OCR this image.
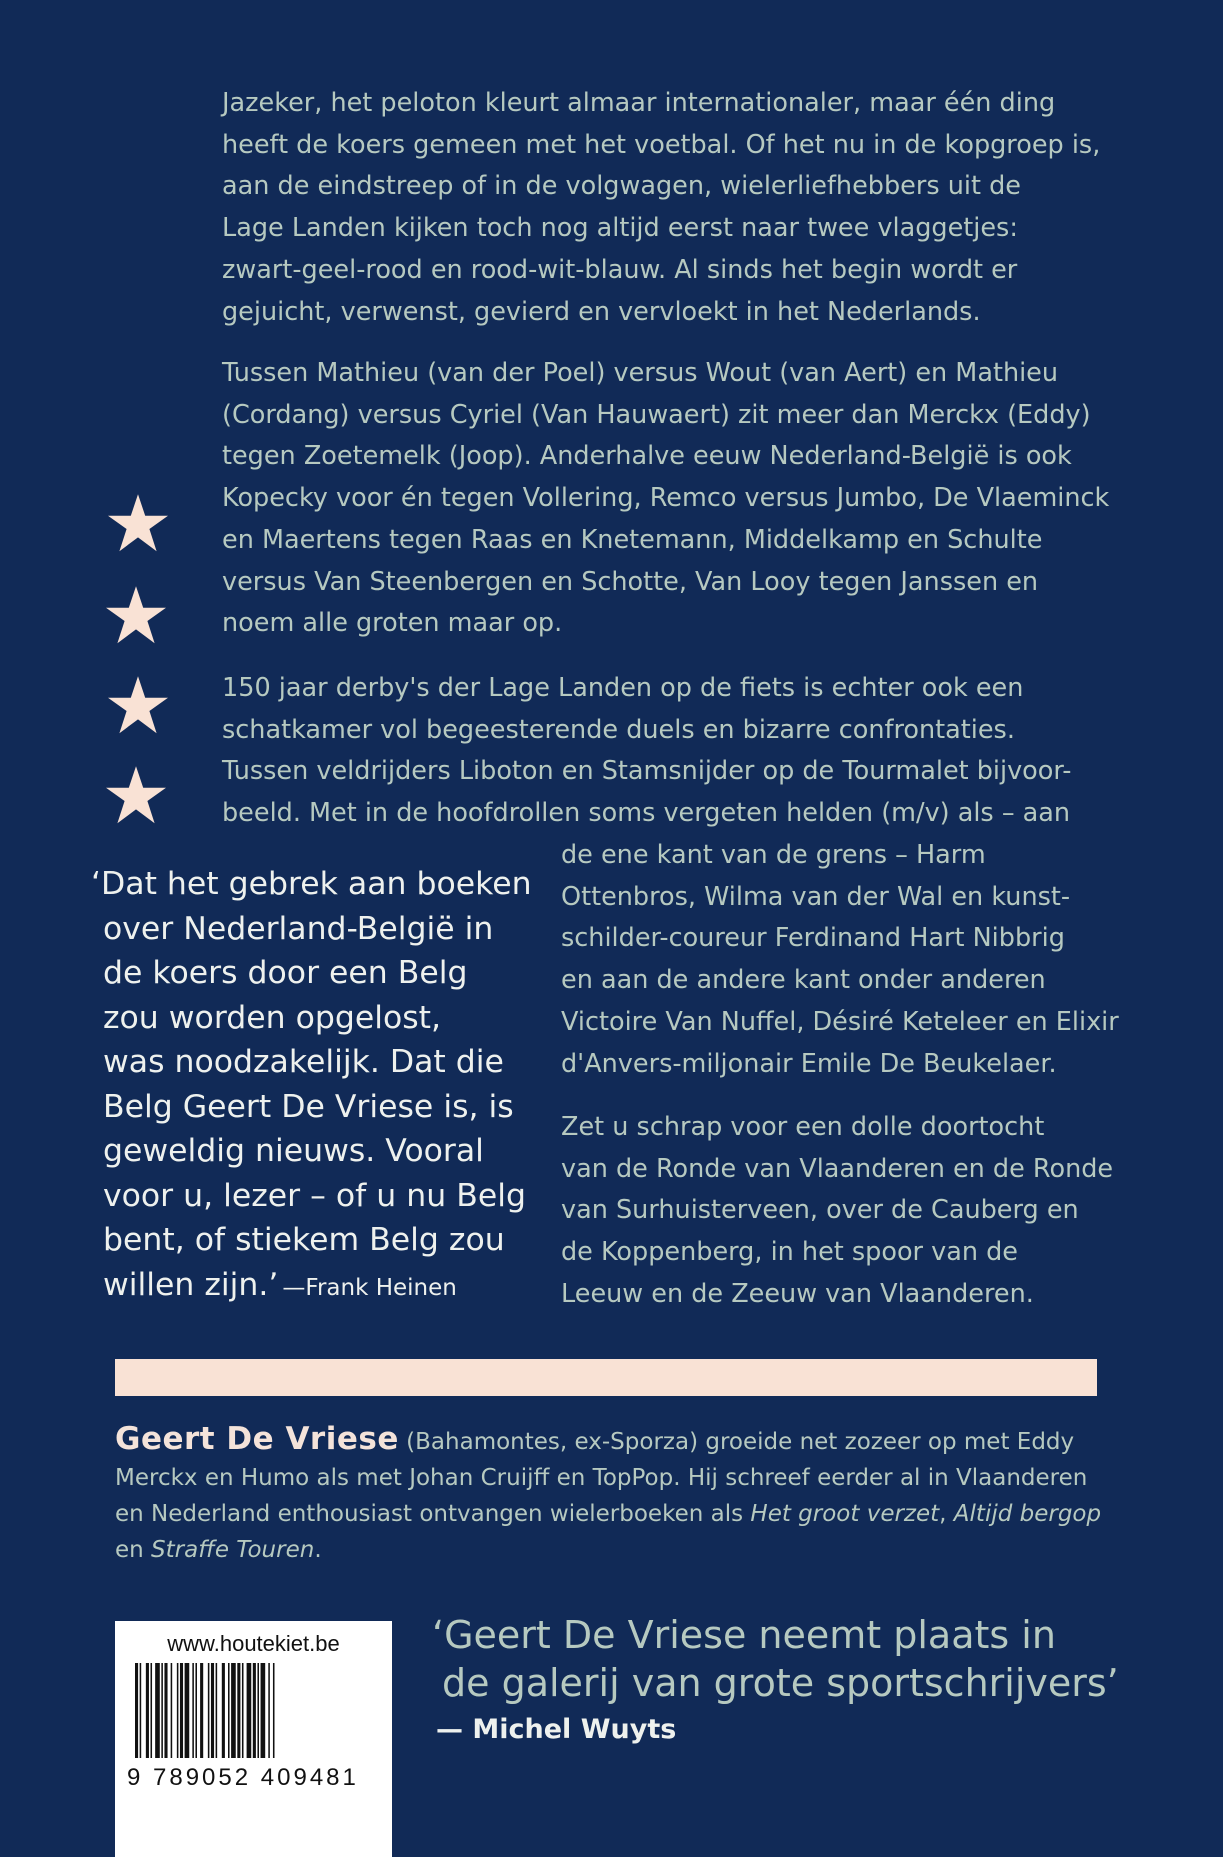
Jazeker, het peloton kleurt almaar internationaler, maar één ding
heeft de koers gemeen met het voetbal. Of het nu in de kopgroep is,
aan de eindstreep of in de volgwagen, wielerliefhebbers uit de
Lage Landen kijken toch nog altijd eerst naar twee vlaggetjes:
zwart-geel-rood en rood-wit-blauw. Al sinds het begin wordt er
gejuicht, verwenst, gevierd en vervloekt in het Nederlands.
Tussen Mathieu (van der Poel) versus Wout (van Aert) en Mathieu
(Cordang) versus Cyriel (Van Hauwaert) zit meer dan Merckx (Eddy)
tegen Zoetemelk (Joop). Anderhalve eeuw Nederland-België is ook
Kopecky voor én tegen Vollering, Remco versus Jumbo, De Vlaeminck
en Maertens tegen Raas en Knetemann, Middelkamp en Schulte
versus Van Steenbergen en Schotte, Van Looy tegen Janssen en
noem alle groten maar op.
150 jaar derby's der Lage Landen op de fiets is echter ook een
schatkamer vol begeesterende duels en bizarre confrontaties.
Tussen veldrijders Liboton en Stamsnijder op de Tourmalet bijvoor-
beeld. Met in de hoofdrollen soms vergeten helden (m/v) als – aan
de ene kant van de grens – Harm
Ottenbros, Wilma van der Wal en kunst-
schilder-coureur Ferdinand Hart Nibbrig
en aan de andere kant onder anderen
Victoire Van Nuffel, Désiré Keteleer en Elixir
d'Anvers-miljonair Emile De Beukelaer.
Zet u schrap voor een dolle doortocht
van de Ronde van Vlaanderen en de Ronde
van Surhuisterveen, over de Cauberg en
de Koppenberg, in het spoor van de
Leeuw en de Zeeuw van Vlaanderen.
‘Dat het gebrek aan boeken
over Nederland-België in
de koers door een Belg
zou worden opgelost,
was noodzakelijk. Dat die
Belg Geert De Vriese is, is
geweldig nieuws. Vooral
voor u, lezer – of u nu Belg
bent, of stiekem Belg zou
willen zijn.’ —Frank Heinen
Geert De Vriese (Bahamontes, ex-Sporza) groeide net zozeer op met Eddy
Merckx en Humo als met Johan Cruijff en TopPop. Hij schreef eerder al in Vlaanderen
en Nederland enthousiast ontvangen wielerboeken als Het groot verzet, Altijd bergop
en Straffe Touren.
www.houtekiet.be
9 789052 409481
‘Geert De Vriese neemt plaats in
de galerij van grote sportschrijvers’
— Michel Wuyts
